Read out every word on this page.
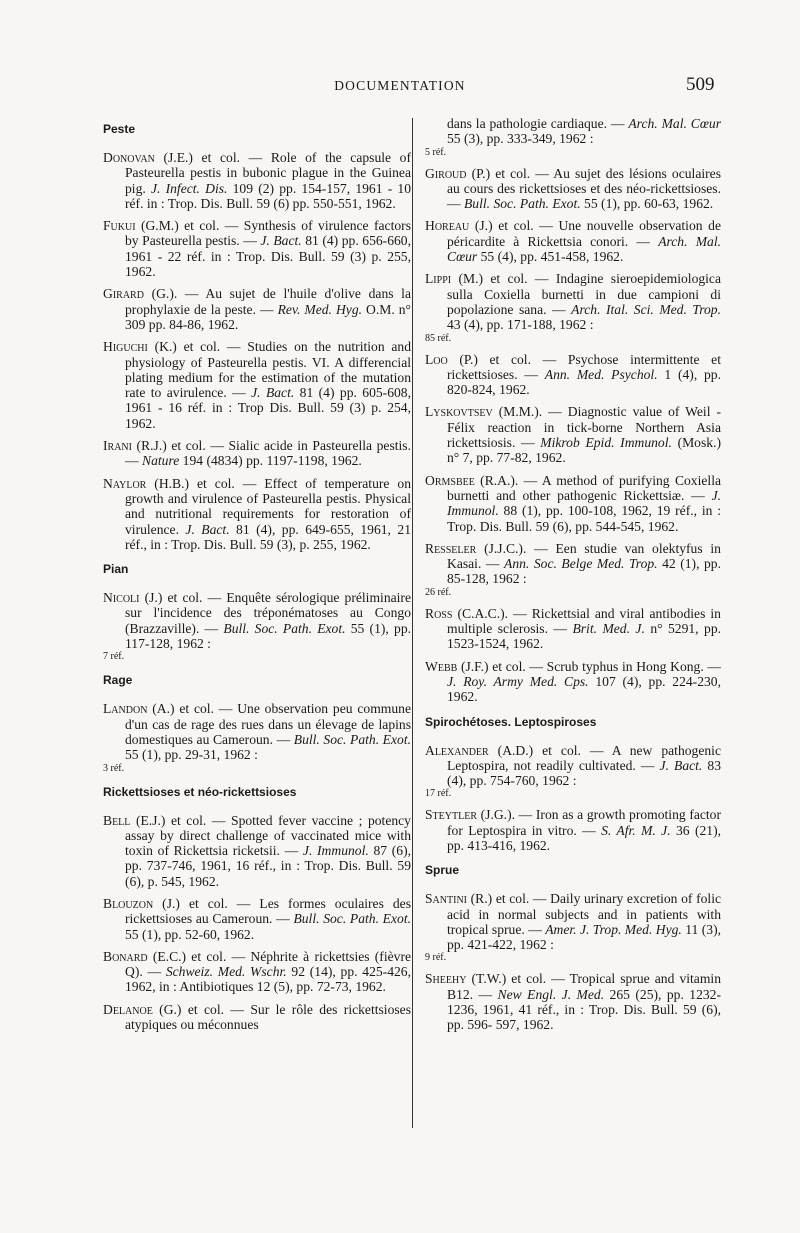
DOCUMENTATION	509
Peste

Donovan (J.E.) et col. — Role of the capsule of Pasteurella pestis in bubonic plague in the Guinea pig. J. Infect. Dis. 109 (2) pp. 154-157, 1961 - 10 réf. in : Trop. Dis. Bull. 59 (6) pp. 550-551, 1962.

Fukui (G.M.) et col. — Synthesis of virulence factors by Pasteurella pestis. — J. Bact. 81 (4) pp. 656-660, 1961 - 22 réf. in : Trop. Dis. Bull. 59 (3) p. 255, 1962.

Girard (G.). — Au sujet de l'huile d'olive dans la prophylaxie de la peste. — Rev. Med. Hyg. O.M. n° 309 pp. 84-86, 1962.

Higuchi (K.) et col. — Studies on the nutrition and physiology of Pasteurella pestis. VI. A differencial plating medium for the estimation of the mutation rate to avirulence. — J. Bact. 81 (4) pp. 605-608, 1961 - 16 réf. in : Trop Dis. Bull. 59 (3) p. 254, 1962.

Irani (R.J.) et col. — Sialic acide in Pasteurella pestis. — Nature 194 (4834) pp. 1197-1198, 1962.

Naylor (H.B.) et col. — Effect of temperature on growth and virulence of Pasteurella pestis. Physical and nutritional requirements for restoration of virulence. J. Bact. 81 (4), pp. 649-655, 1961, 21 réf., in : Trop. Dis. Bull. 59 (3), p. 255, 1962.

Pian

Nicoli (J.) et col. — Enquête sérologique préliminaire sur l'incidence des tréponématoses au Congo (Brazzaville). — Bull. Soc. Path. Exot. 55 (1), pp. 117-128, 1962 :
7 réf.

Rage

Landon (A.) et col. — Une observation peu commune d'un cas de rage des rues dans un élevage de lapins domestiques au Cameroun. — Bull. Soc. Path. Exot. 55 (1), pp. 29-31, 1962 :
3 réf.

Rickettsioses et néo-rickettsioses

Bell (E.J.) et col. — Spotted fever vaccine ; potency assay by direct challenge of vaccinated mice with toxin of Rickettsia ricketsii. — J. Immunol. 87 (6), pp. 737-746, 1961, 16 réf., in : Trop. Dis. Bull. 59 (6), p. 545, 1962.

Blouzon (J.) et col. — Les formes oculaires des rickettsioses au Cameroun. — Bull. Soc. Path. Exot. 55 (1), pp. 52-60, 1962.

Bonard (E.C.) et col. — Néphrite à rickettsies (fièvre Q). — Schweiz. Med. Wschr. 92 (14), pp. 425-426, 1962, in : Antibiotiques 12 (5), pp. 72-73, 1962.

Delanoe (G.) et col. — Sur le rôle des rickettsioses atypiques ou méconnues

dans la pathologie cardiaque. — Arch. Mal. Cœur 55 (3), pp. 333-349, 1962 :
5 réf.

Giroud (P.) et col. — Au sujet des lésions oculaires au cours des rickettsioses et des néo-rickettsioses. — Bull. Soc. Path. Exot. 55 (1), pp. 60-63, 1962.

Horeau (J.) et col. — Une nouvelle observation de péricardite à Rickettsia conori. — Arch. Mal. Cœur 55 (4), pp. 451-458, 1962.

Lippi (M.) et col. — Indagine sieroepidemiologica sulla Coxiella burnetti in due campioni di popolazione sana. — Arch. Ital. Sci. Med. Trop. 43 (4), pp. 171-188, 1962 :
85 réf.

Loo (P.) et col. — Psychose intermittente et rickettsioses. — Ann. Med. Psychol. 1 (4), pp. 820-824, 1962.

Lyskovtsev (M.M.). — Diagnostic value of Weil - Félix reaction in tick-borne Northern Asia rickettsiosis. — Mikrob Epid. Immunol. (Mosk.) n° 7, pp. 77-82, 1962.

Ormsbee (R.A.). — A method of purifying Coxiella burnetti and other pathogenic Rickettsiæ. — J. Immunol. 88 (1), pp. 100-108, 1962, 19 réf., in : Trop. Dis. Bull. 59 (6), pp. 544-545, 1962.

Resseler (J.J.C.). — Een studie van olektyfus in Kasai. — Ann. Soc. Belge Med. Trop. 42 (1), pp. 85-128, 1962 :
26 réf.

Ross (C.A.C.). — Rickettsial and viral antibodies in multiple sclerosis. — Brit. Med. J. n° 5291, pp. 1523-1524, 1962.

Webb (J.F.) et col. — Scrub typhus in Hong Kong. — J. Roy. Army Med. Cps. 107 (4), pp. 224-230, 1962.

Spirochétoses. Leptospiroses

Alexander (A.D.) et col. — A new pathogenic Leptospira, not readily cultivated. — J. Bact. 83 (4), pp. 754-760, 1962 :
17 réf.

Steytler (J.G.). — Iron as a growth promoting factor for Leptospira in vitro. — S. Afr. M. J. 36 (21), pp. 413-416, 1962.

Sprue

Santini (R.) et col. — Daily urinary excretion of folic acid in normal subjects and in patients with tropical sprue. — Amer. J. Trop. Med. Hyg. 11 (3), pp. 421-422, 1962 :
9 réf.

Sheehy (T.W.) et col. — Tropical sprue and vitamin B12. — New Engl. J. Med. 265 (25), pp. 1232-1236, 1961, 41 réf., in : Trop. Dis. Bull. 59 (6), pp. 596- 597, 1962.
